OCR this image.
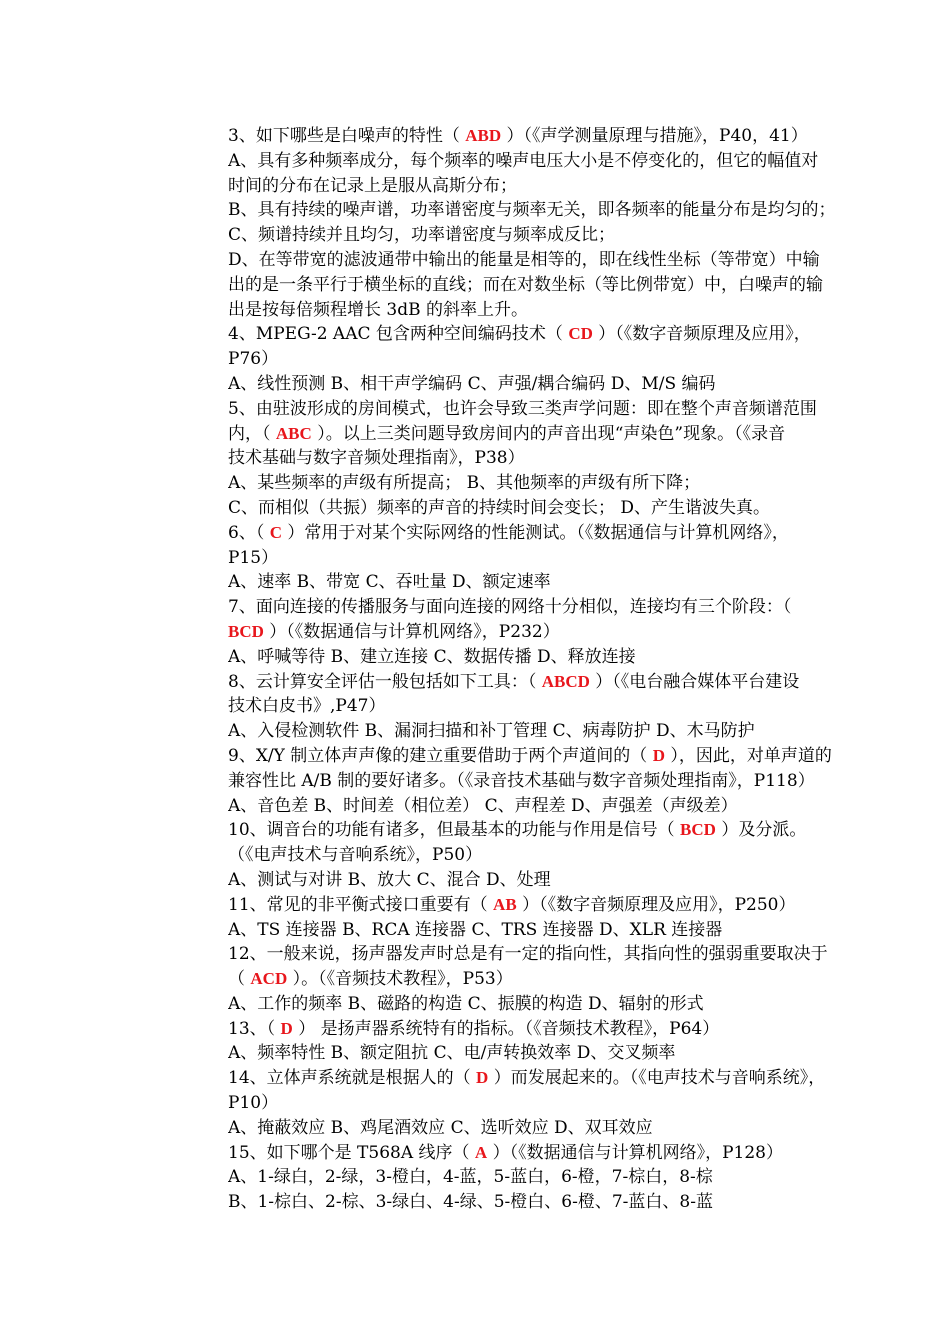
3、如下哪些是白噪声的特性（ ABD ）（《声学测量原理与措施》，P40，41）
A、具有多种频率成分，每个频率的噪声电压大小是不停变化的，但它的幅值对
时间的分布在记录上是服从高斯分布；
B、具有持续的噪声谱，功率谱密度与频率无关，即各频率的能量分布是均匀的；
C、频谱持续并且均匀，功率谱密度与频率成反比；
D、在等带宽的滤波通带中输出的能量是相等的，即在线性坐标（等带宽）中输
出的是一条平行于横坐标的直线；而在对数坐标（等比例带宽）中，白噪声的输
出是按每倍频程增长 3dB 的斜率上升。
4、MPEG-2 AAC 包含两种空间编码技术（ CD ）（《数字音频原理及应用》，
P76）
A、线性预测 B、相干声学编码 C、声强/耦合编码 D、M/S 编码
5、由驻波形成的房间模式，也许会导致三类声学问题：即在整个声音频谱范围
内，（ ABC ）。以上三类问题导致房间内的声音出现“声染色”现象。（《录音
技术基础与数字音频处理指南》，P38）
A、某些频率的声级有所提高； B、其他频率的声级有所下降；
C、而相似（共振）频率的声音的持续时间会变长； D、产生谐波失真。
6、（ C ）常用于对某个实际网络的性能测试。（《数据通信与计算机网络》，
P15）
A、速率 B、带宽 C、吞吐量 D、额定速率
7、面向连接的传播服务与面向连接的网络十分相似，连接均有三个阶段：（
BCD ）（《数据通信与计算机网络》，P232）
A、呼喊等待 B、建立连接 C、数据传播 D、释放连接
8、云计算安全评估一般包括如下工具：（ ABCD ）（《电台融合媒体平台建设
技术白皮书》,P47）
A、入侵检测软件 B、漏洞扫描和补丁管理 C、病毒防护 D、木马防护
9、X/Y 制立体声声像的建立重要借助于两个声道间的（ D ），因此，对单声道的
兼容性比 A/B 制的要好诸多。（《录音技术基础与数字音频处理指南》，P118）
A、音色差 B、时间差（相位差） C、声程差 D、声强差（声级差）
10、调音台的功能有诸多，但最基本的功能与作用是信号（ BCD ）及分派。
（《电声技术与音响系统》，P50）
A、测试与对讲 B、放大 C、混合 D、处理
11、常见的非平衡式接口重要有（ AB ）（《数字音频原理及应用》，P250）
A、TS 连接器 B、RCA 连接器 C、TRS 连接器 D、XLR 连接器
12、一般来说，扬声器发声时总是有一定的指向性，其指向性的强弱重要取决于
（ ACD ）。（《音频技术教程》，P53）
A、工作的频率 B、磁路的构造 C、振膜的构造 D、辐射的形式
13、（ D ） 是扬声器系统特有的指标。（《音频技术教程》，P64）
A、频率特性 B、额定阻抗 C、电/声转换效率 D、交叉频率
14、立体声系统就是根据人的（ D ）而发展起来的。（《电声技术与音响系统》，
P10）
A、掩蔽效应 B、鸡尾酒效应 C、选听效应 D、双耳效应
15、如下哪个是 T568A 线序（ A ）（《数据通信与计算机网络》，P128）
A、1-绿白，2-绿，3-橙白，4-蓝，5-蓝白，6-橙，7-棕白，8-棕
B、1-棕白、2-棕、3-绿白、4-绿、5-橙白、6-橙、7-蓝白、8-蓝
